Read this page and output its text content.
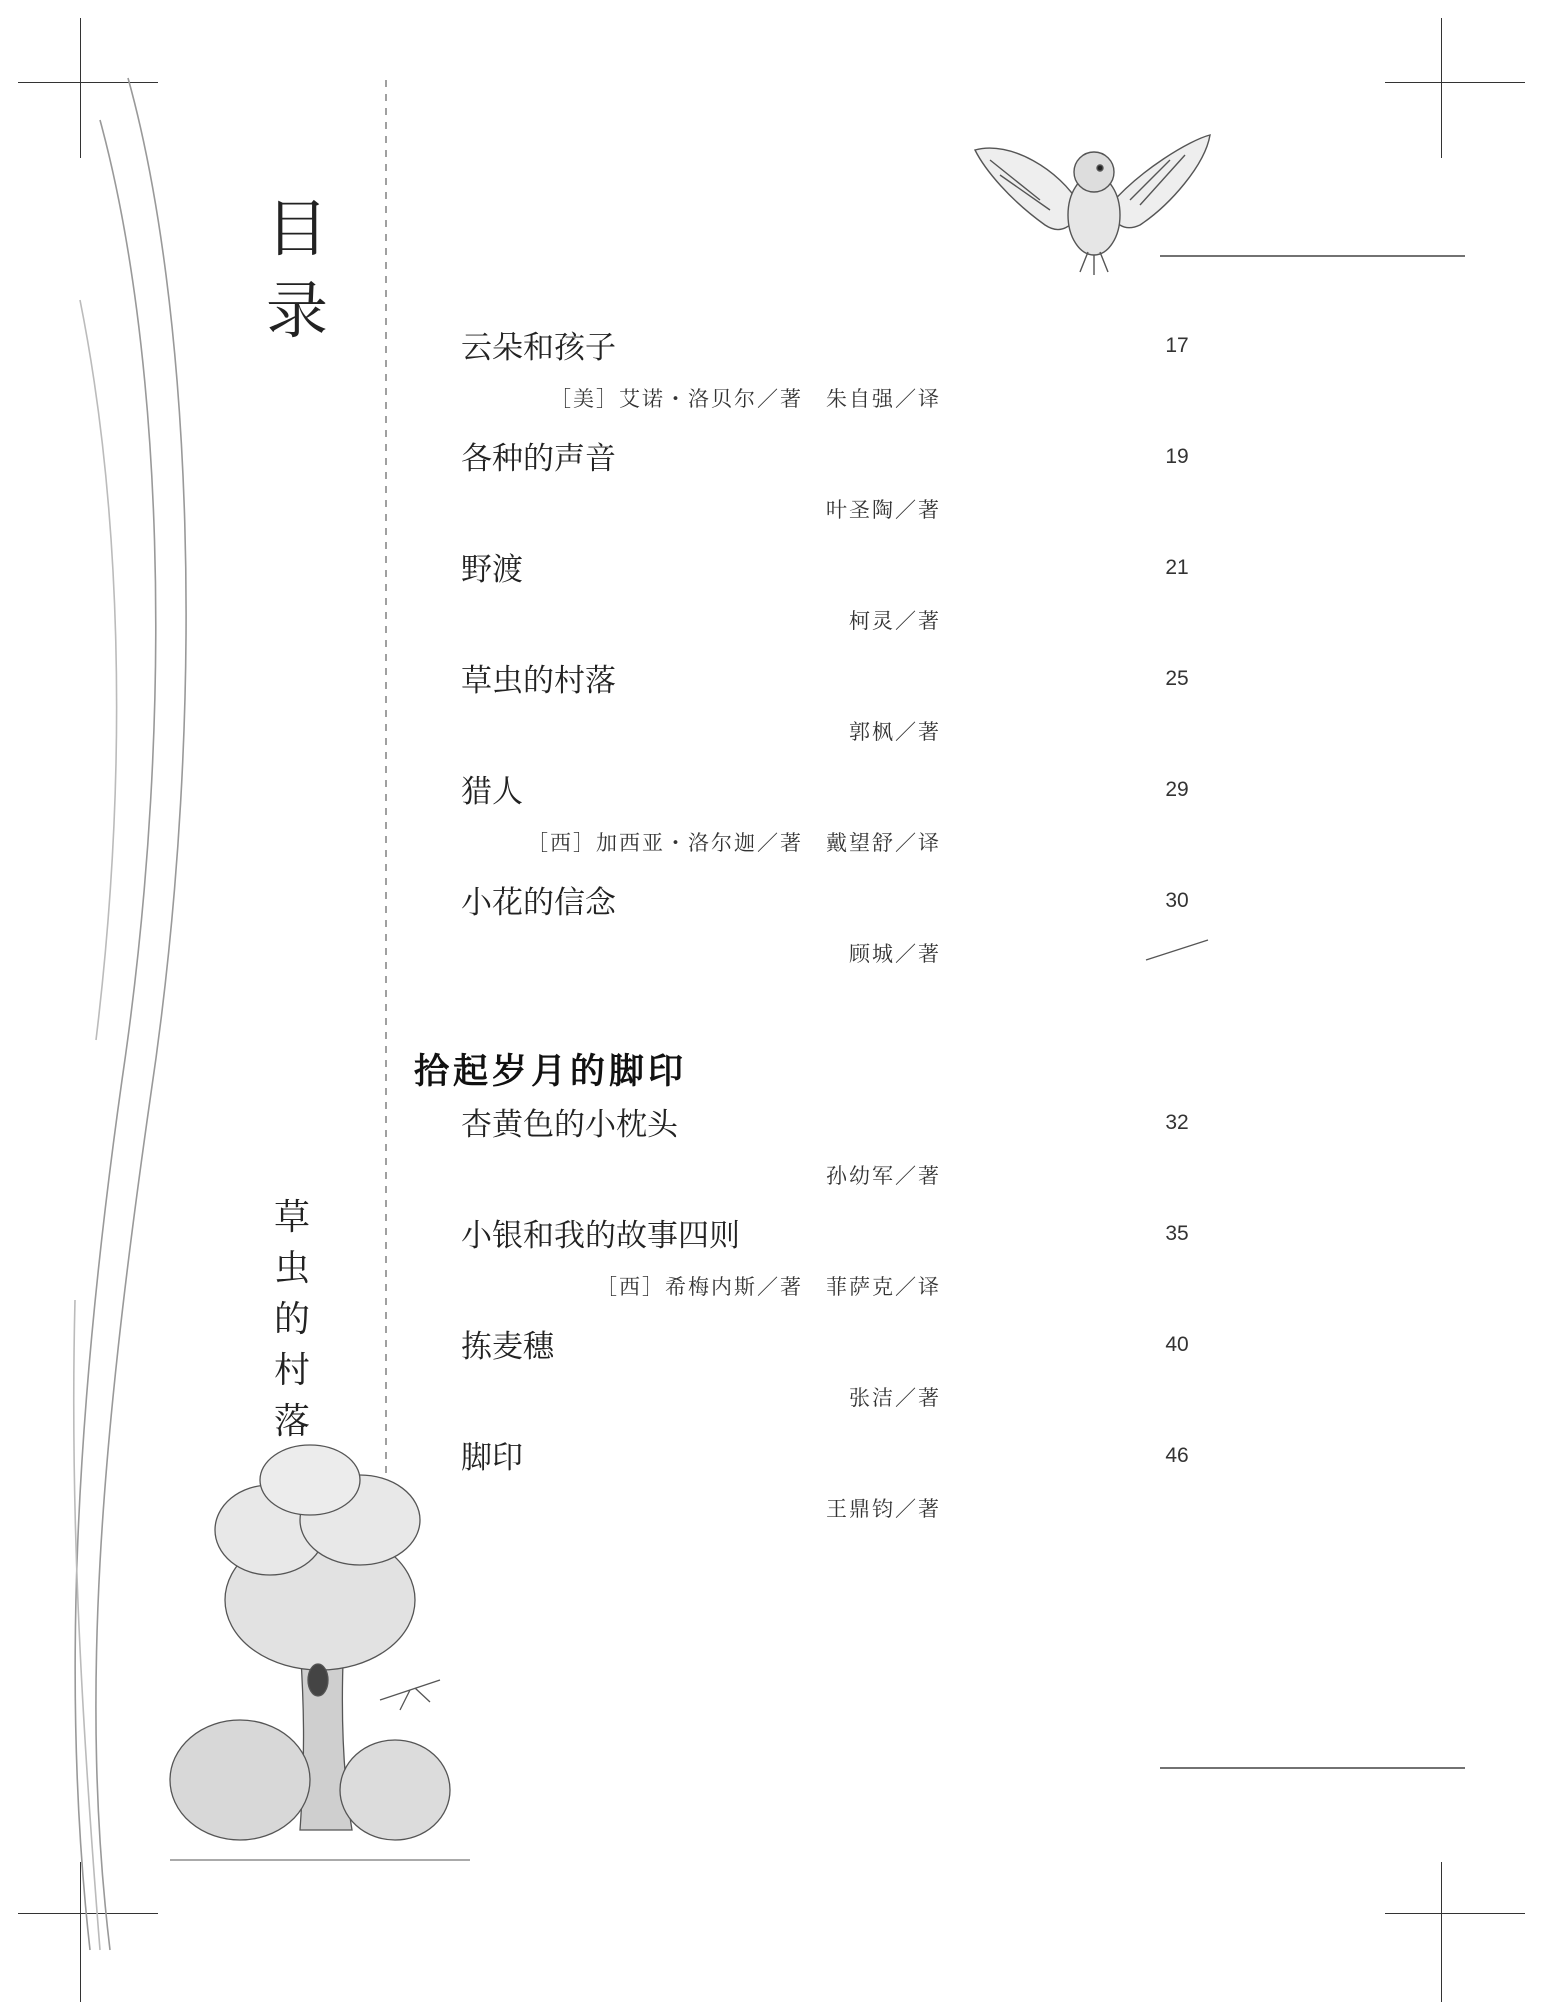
目
录
草
虫
的
村
落
云朵和孩子	17
［美］艾诺・洛贝尔／著　朱自强／译
各种的声音	19
叶圣陶／著
野渡	21
柯灵／著
草虫的村落	25
郭枫／著
猎人	29
［西］加西亚・洛尔迦／著　戴望舒／译
小花的信念	30
顾城／著
拾起岁月的脚印
杏黄色的小枕头	32
孙幼军／著
小银和我的故事四则	35
［西］希梅内斯／著　菲萨克／译
拣麦穗	40
张洁／著
脚印	46
王鼎钧／著
